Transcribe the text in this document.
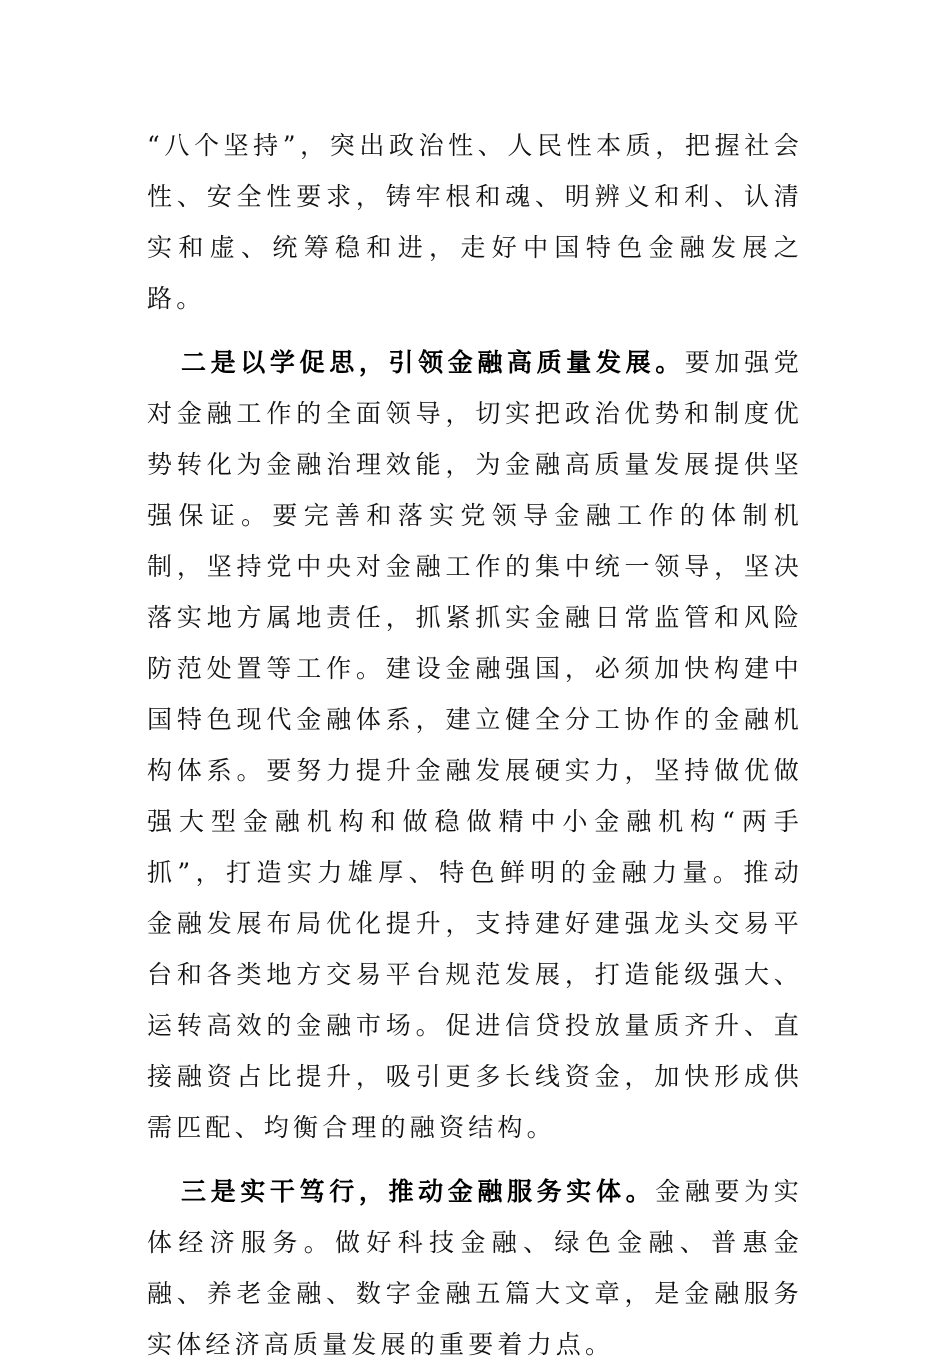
“八个坚持”，突出政治性、人民性本质，把握社会性、安全性要求，铸牢根和魂、明辨义和利、认清实和虚、统筹稳和进，走好中国特色金融发展之路。

二是以学促思，引领金融高质量发展。要加强党对金融工作的全面领导，切实把政治优势和制度优势转化为金融治理效能，为金融高质量发展提供坚强保证。要完善和落实党领导金融工作的体制机制，坚持党中央对金融工作的集中统一领导，坚决落实地方属地责任，抓紧抓实金融日常监管和风险防范处置等工作。建设金融强国，必须加快构建中国特色现代金融体系，建立健全分工协作的金融机构体系。要努力提升金融发展硬实力，坚持做优做强大型金融机构和做稳做精中小金融机构“两手抓”，打造实力雄厚、特色鲜明的金融力量。推动金融发展布局优化提升，支持建好建强龙头交易平台和各类地方交易平台规范发展，打造能级强大、运转高效的金融市场。促进信贷投放量质齐升、直接融资占比提升，吸引更多长线资金，加快形成供需匹配、均衡合理的融资结构。

三是实干笃行，推动金融服务实体。金融要为实体经济服务。做好科技金融、绿色金融、普惠金融、养老金融、数字金融五篇大文章，是金融服务实体经济高质量发展的重要着力点。
